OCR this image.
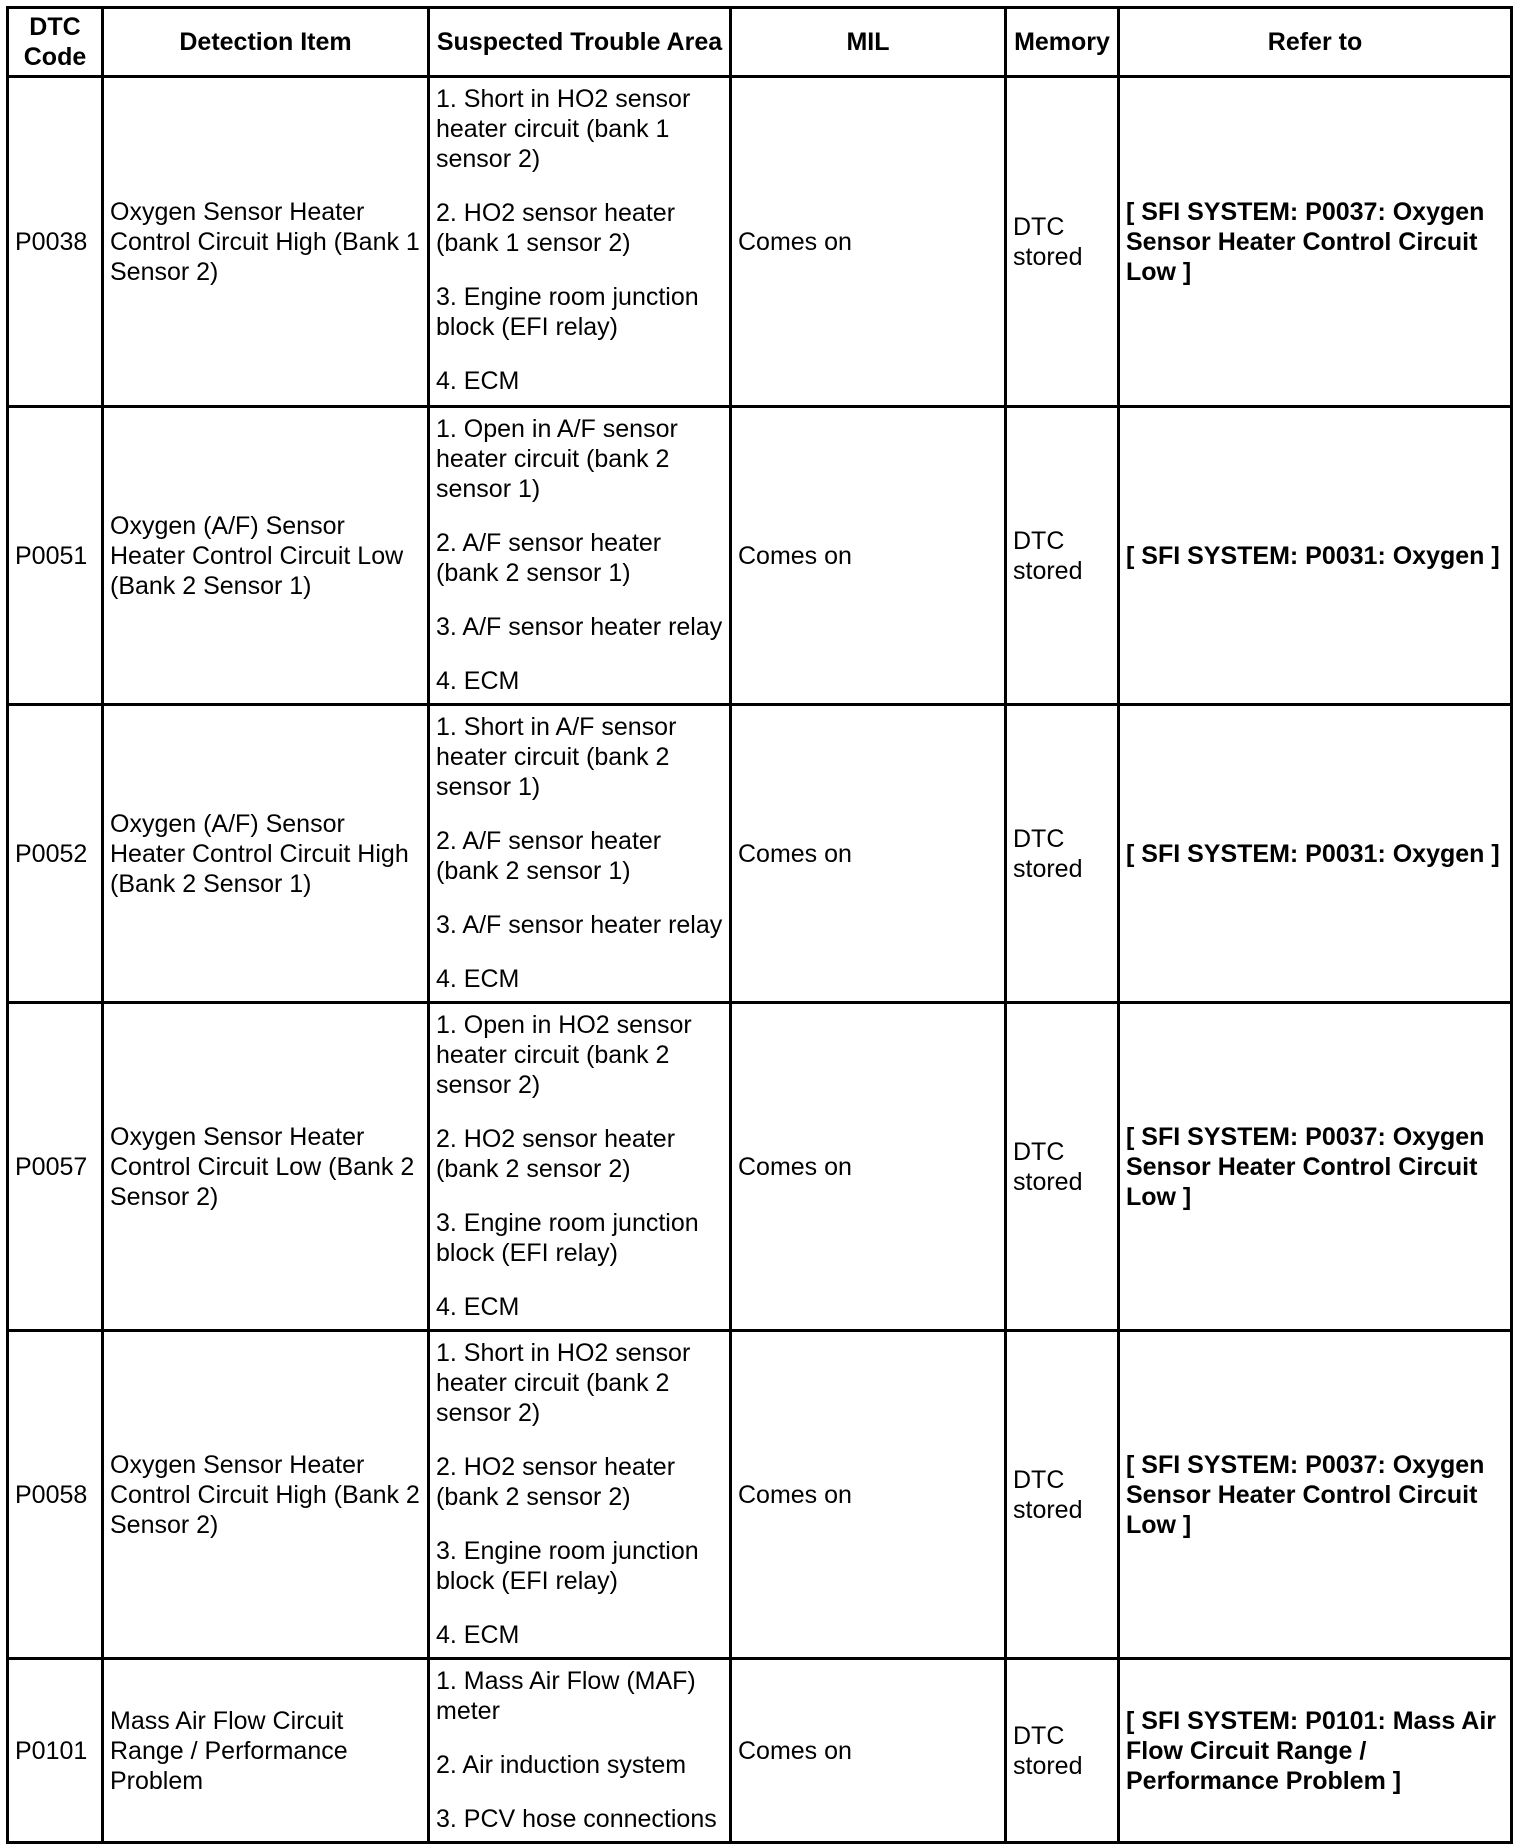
DTC
Code	Detection Item	Suspected Trouble Area	MIL	Memory	Refer to
P0038	Oxygen Sensor Heater Control Circuit High (Bank 1 Sensor 2)	1. Short in HO2 sensor heater circuit (bank 1 sensor 2)
2. HO2 sensor heater (bank 1 sensor 2)
3. Engine room junction block (EFI relay)
4. ECM	Comes on	DTC stored	[ SFI SYSTEM: P0037: Oxygen Sensor Heater Control Circuit Low ]
P0051	Oxygen (A/F) Sensor Heater Control Circuit Low (Bank 2 Sensor 1)	1. Open in A/F sensor heater circuit (bank 2 sensor 1)
2. A/F sensor heater (bank 2 sensor 1)
3. A/F sensor heater relay
4. ECM	Comes on	DTC stored	[ SFI SYSTEM: P0031: Oxygen ]
P0052	Oxygen (A/F) Sensor Heater Control Circuit High (Bank 2 Sensor 1)	1. Short in A/F sensor heater circuit (bank 2 sensor 1)
2. A/F sensor heater (bank 2 sensor 1)
3. A/F sensor heater relay
4. ECM	Comes on	DTC stored	[ SFI SYSTEM: P0031: Oxygen ]
P0057	Oxygen Sensor Heater Control Circuit Low (Bank 2 Sensor 2)	1. Open in HO2 sensor heater circuit (bank 2 sensor 2)
2. HO2 sensor heater (bank 2 sensor 2)
3. Engine room junction block (EFI relay)
4. ECM	Comes on	DTC stored	[ SFI SYSTEM: P0037: Oxygen Sensor Heater Control Circuit Low ]
P0058	Oxygen Sensor Heater Control Circuit High (Bank 2 Sensor 2)	1. Short in HO2 sensor heater circuit (bank 2 sensor 2)
2. HO2 sensor heater (bank 2 sensor 2)
3. Engine room junction block (EFI relay)
4. ECM	Comes on	DTC stored	[ SFI SYSTEM: P0037: Oxygen Sensor Heater Control Circuit Low ]
P0101	Mass Air Flow Circuit Range / Performance Problem	1. Mass Air Flow (MAF) meter
2. Air induction system
3. PCV hose connections	Comes on	DTC stored	[ SFI SYSTEM: P0101: Mass Air Flow Circuit Range / Performance Problem ]
